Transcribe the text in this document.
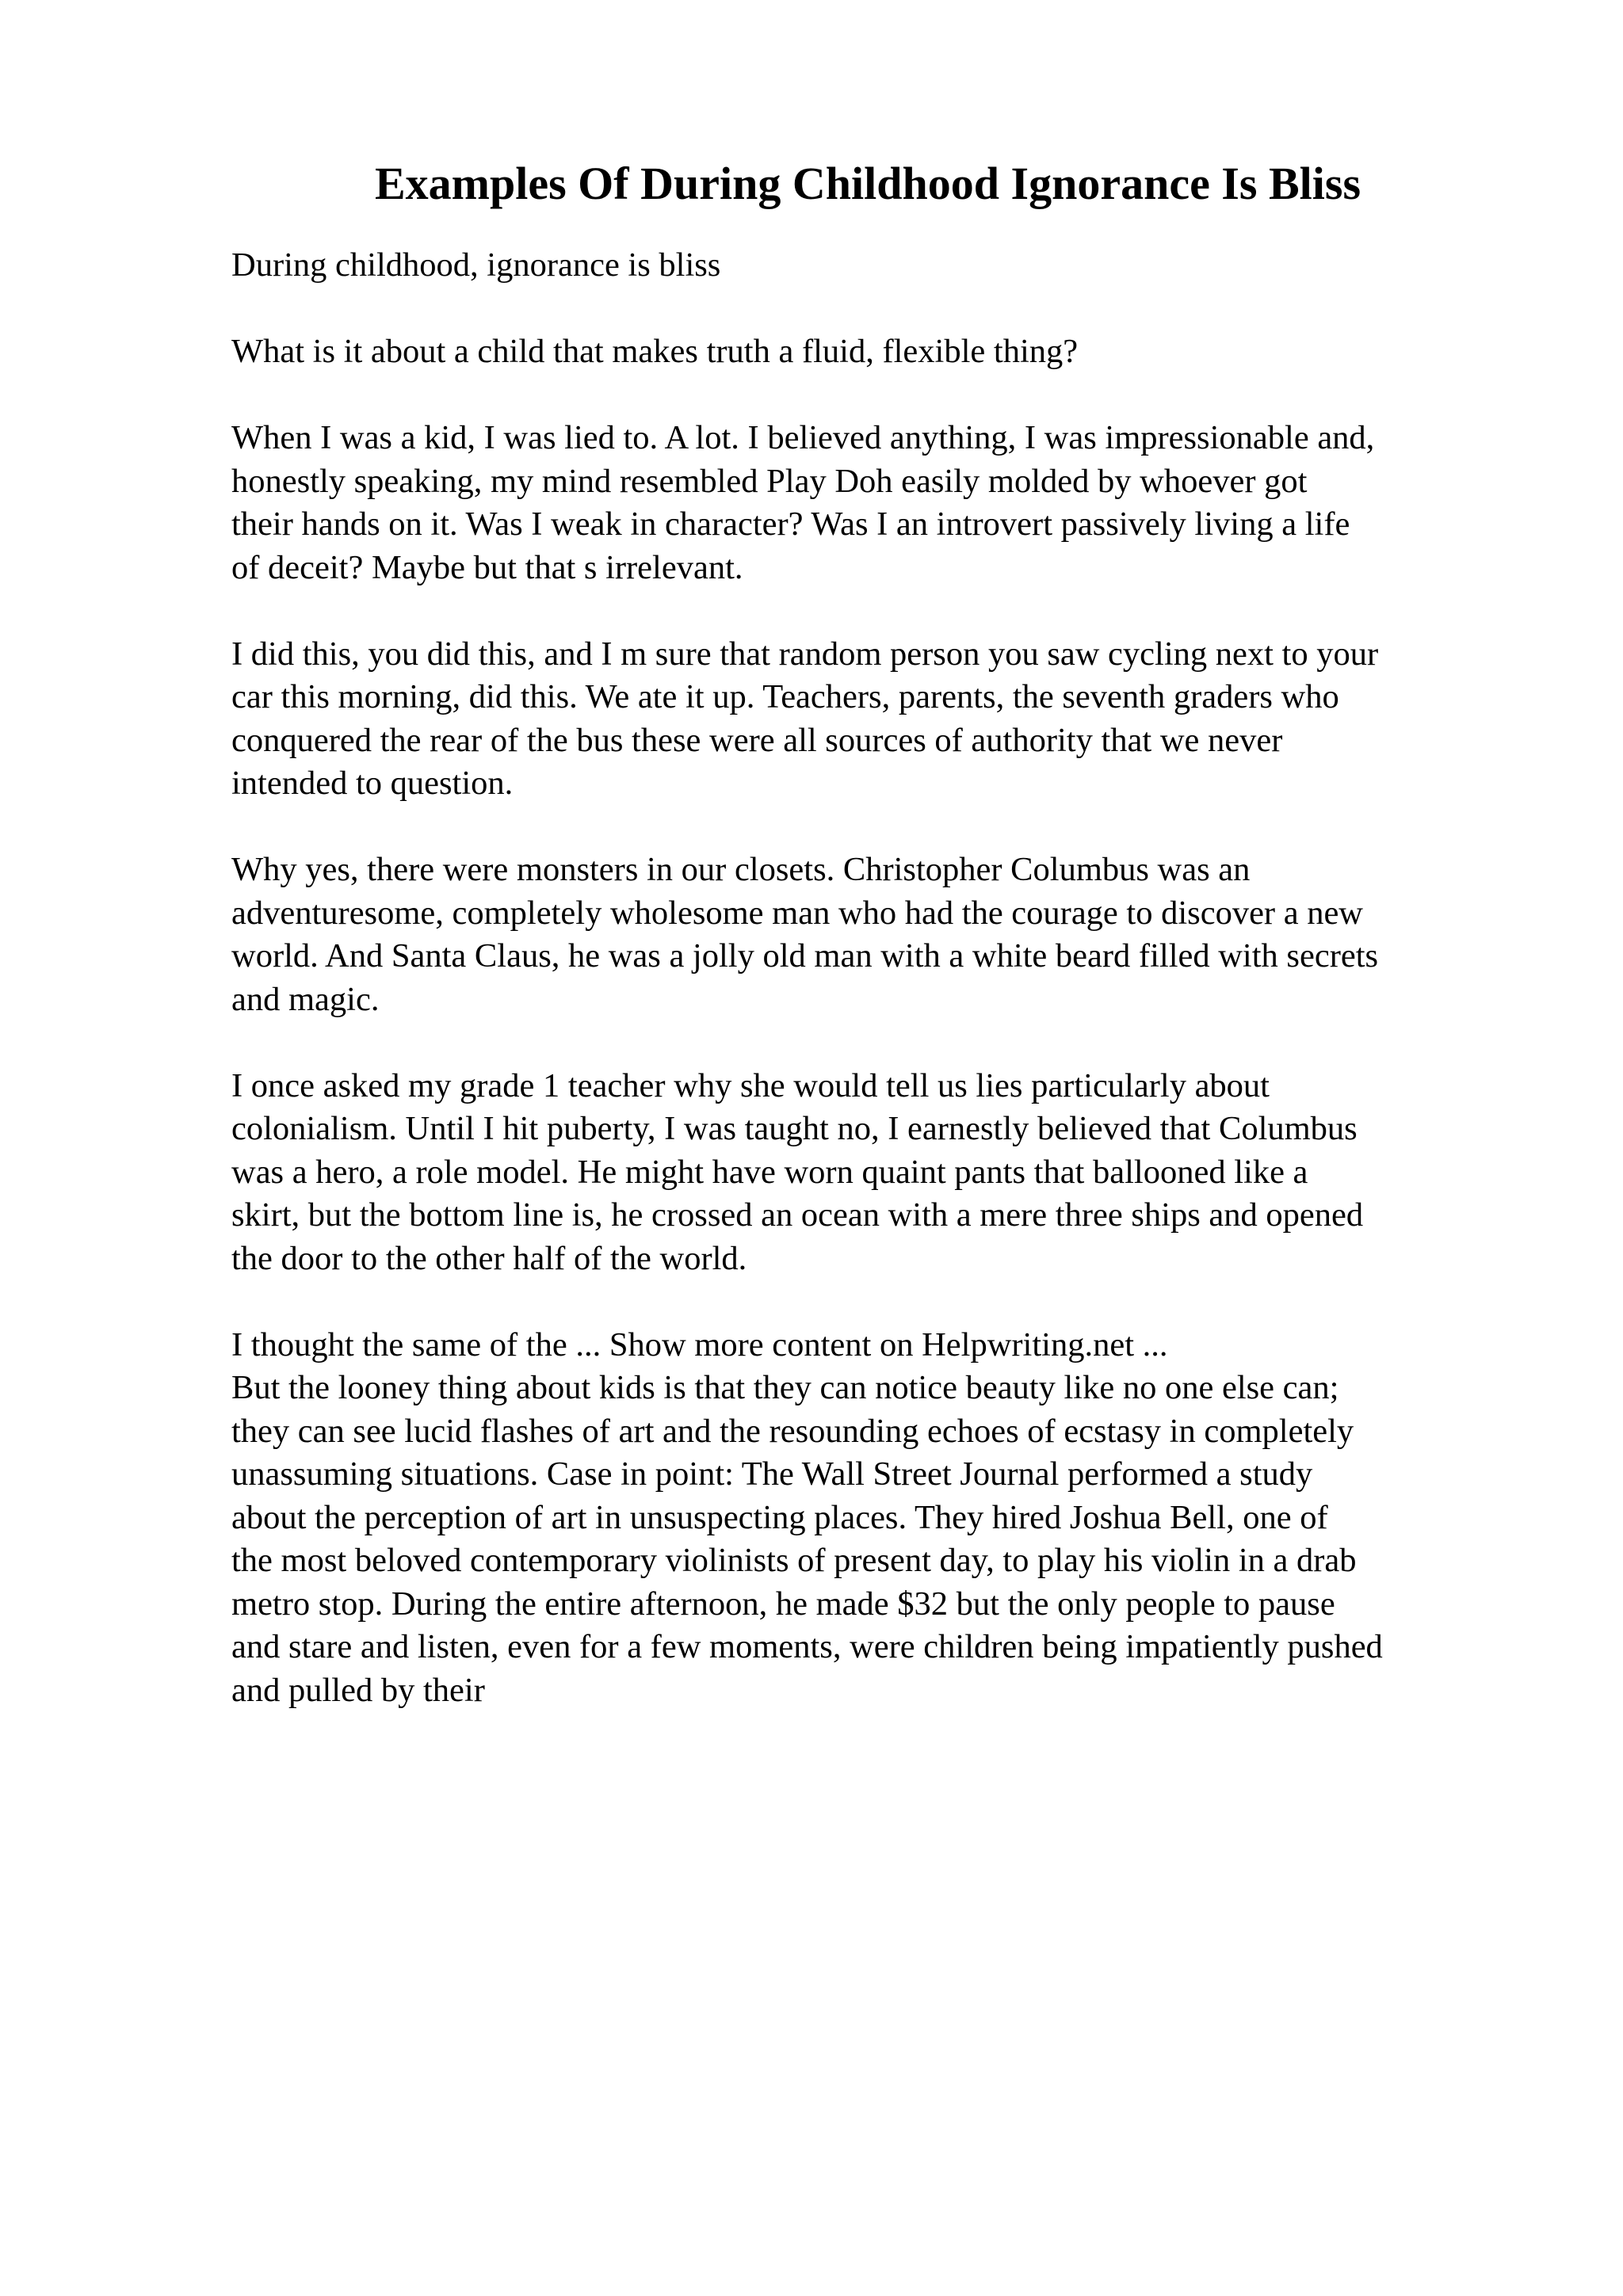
Examples Of During Childhood Ignorance Is Bliss

During childhood, ignorance is bliss

What is it about a child that makes truth a fluid, flexible thing?

When I was a kid, I was lied to. A lot. I believed anything, I was impressionable and,
honestly speaking, my mind resembled Play Doh easily molded by whoever got
their hands on it. Was I weak in character? Was I an introvert passively living a life
of deceit? Maybe but that s irrelevant.

I did this, you did this, and I m sure that random person you saw cycling next to your
car this morning, did this. We ate it up. Teachers, parents, the seventh graders who
conquered the rear of the bus these were all sources of authority that we never
intended to question.

Why yes, there were monsters in our closets. Christopher Columbus was an
adventuresome, completely wholesome man who had the courage to discover a new
world. And Santa Claus, he was a jolly old man with a white beard filled with secrets
and magic.

I once asked my grade 1 teacher why she would tell us lies particularly about
colonialism. Until I hit puberty, I was taught no, I earnestly believed that Columbus
was a hero, a role model. He might have worn quaint pants that ballooned like a
skirt, but the bottom line is, he crossed an ocean with a mere three ships and opened
the door to the other half of the world.

I thought the same of the ... Show more content on Helpwriting.net ...
But the looney thing about kids is that they can notice beauty like no one else can;
they can see lucid flashes of art and the resounding echoes of ecstasy in completely
unassuming situations. Case in point: The Wall Street Journal performed a study
about the perception of art in unsuspecting places. They hired Joshua Bell, one of
the most beloved contemporary violinists of present day, to play his violin in a drab
metro stop. During the entire afternoon, he made $32 but the only people to pause
and stare and listen, even for a few moments, were children being impatiently pushed
and pulled by their
